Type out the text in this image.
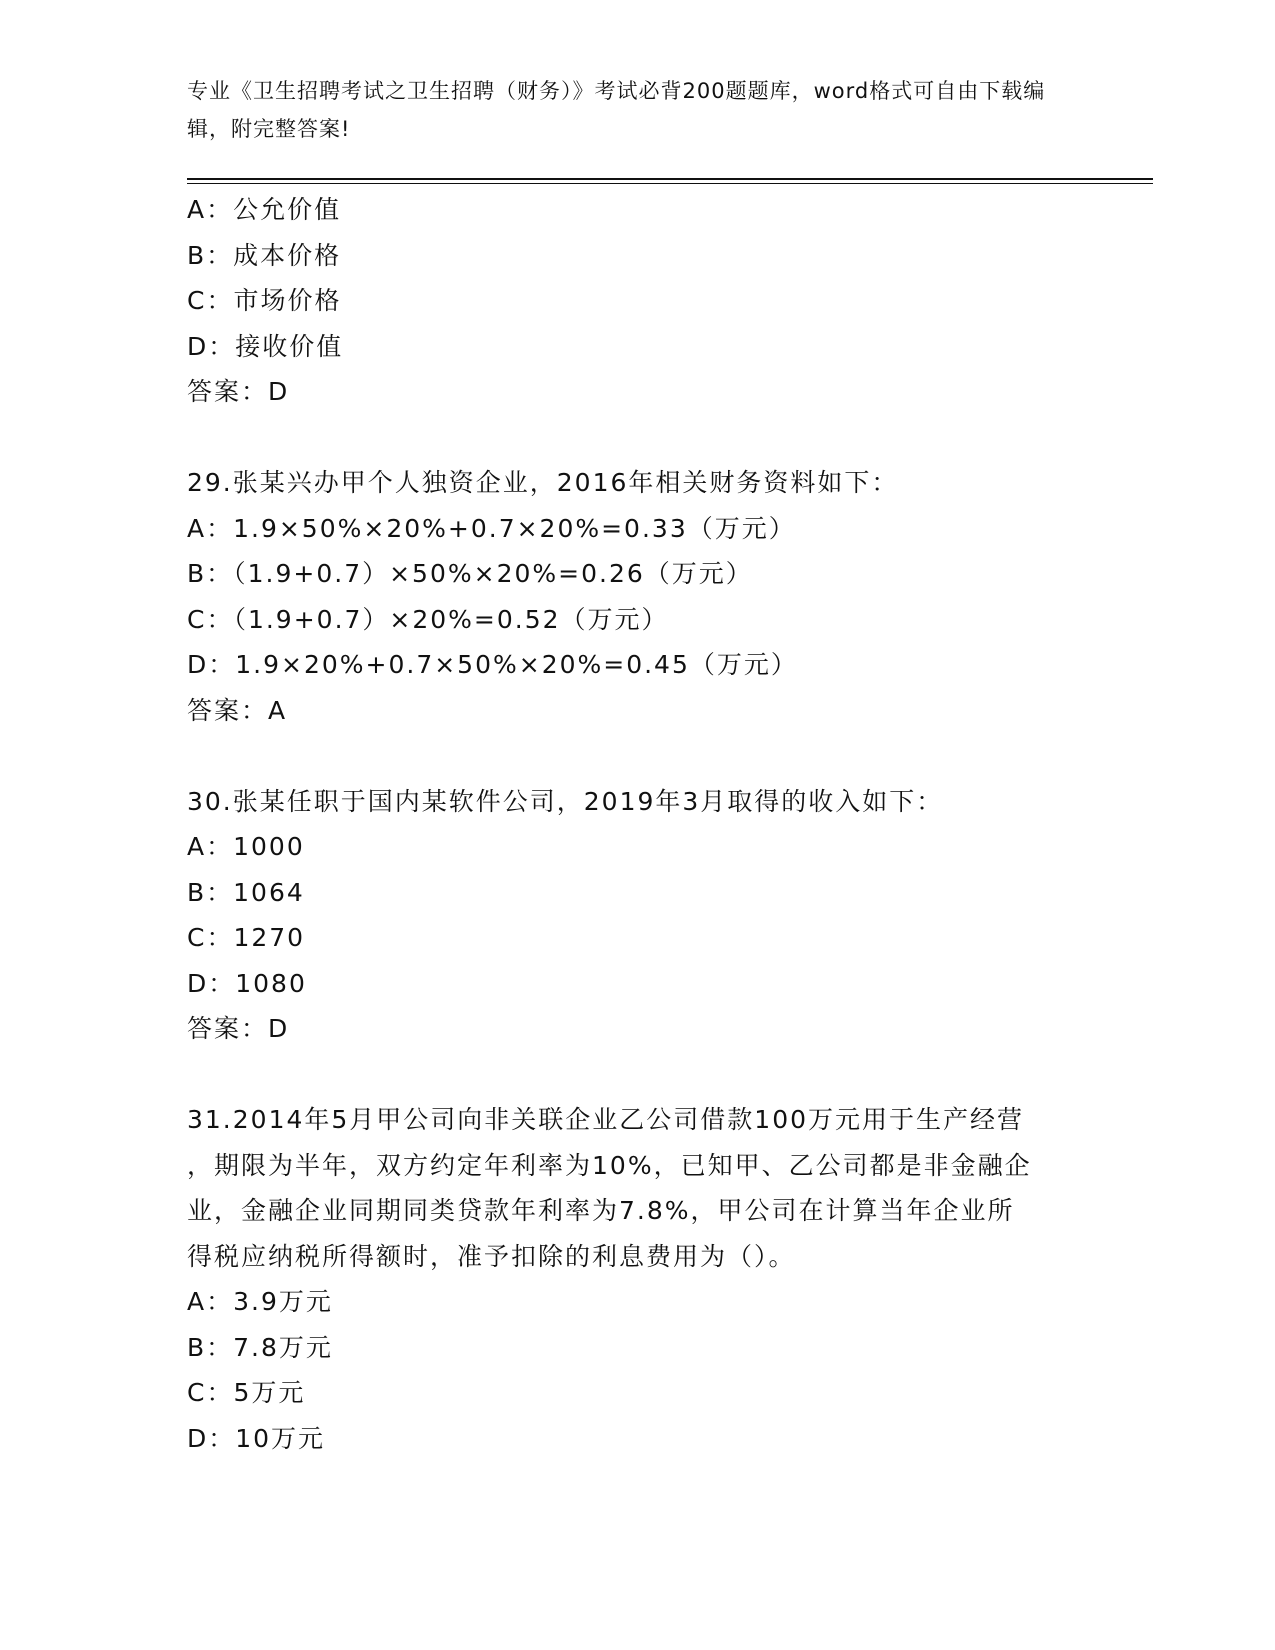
专业《卫生招聘考试之卫生招聘（财务）》考试必背200题题库，word格式可自由下载编辑，附完整答案!
A：公允价值
B：成本价格
C：市场价格
D：接收价值
答案：D
29.张某兴办甲个人独资企业，2016年相关财务资料如下：
A：1.9×50%×20%+0.7×20%=0.33（万元）
B：（1.9+0.7）×50%×20%=0.26（万元）
C：（1.9+0.7）×20%=0.52（万元）
D：1.9×20%+0.7×50%×20%=0.45（万元）
答案：A
30.张某任职于国内某软件公司，2019年3月取得的收入如下：
A：1000
B：1064
C：1270
D：1080
答案：D
31.2014年5月甲公司向非关联企业乙公司借款100万元用于生产经营
，期限为半年，双方约定年利率为10%，已知甲、乙公司都是非金融企
业，金融企业同期同类贷款年利率为7.8%，甲公司在计算当年企业所
得税应纳税所得额时，准予扣除的利息费用为（）。
A：3.9万元
B：7.8万元
C：5万元
D：10万元
